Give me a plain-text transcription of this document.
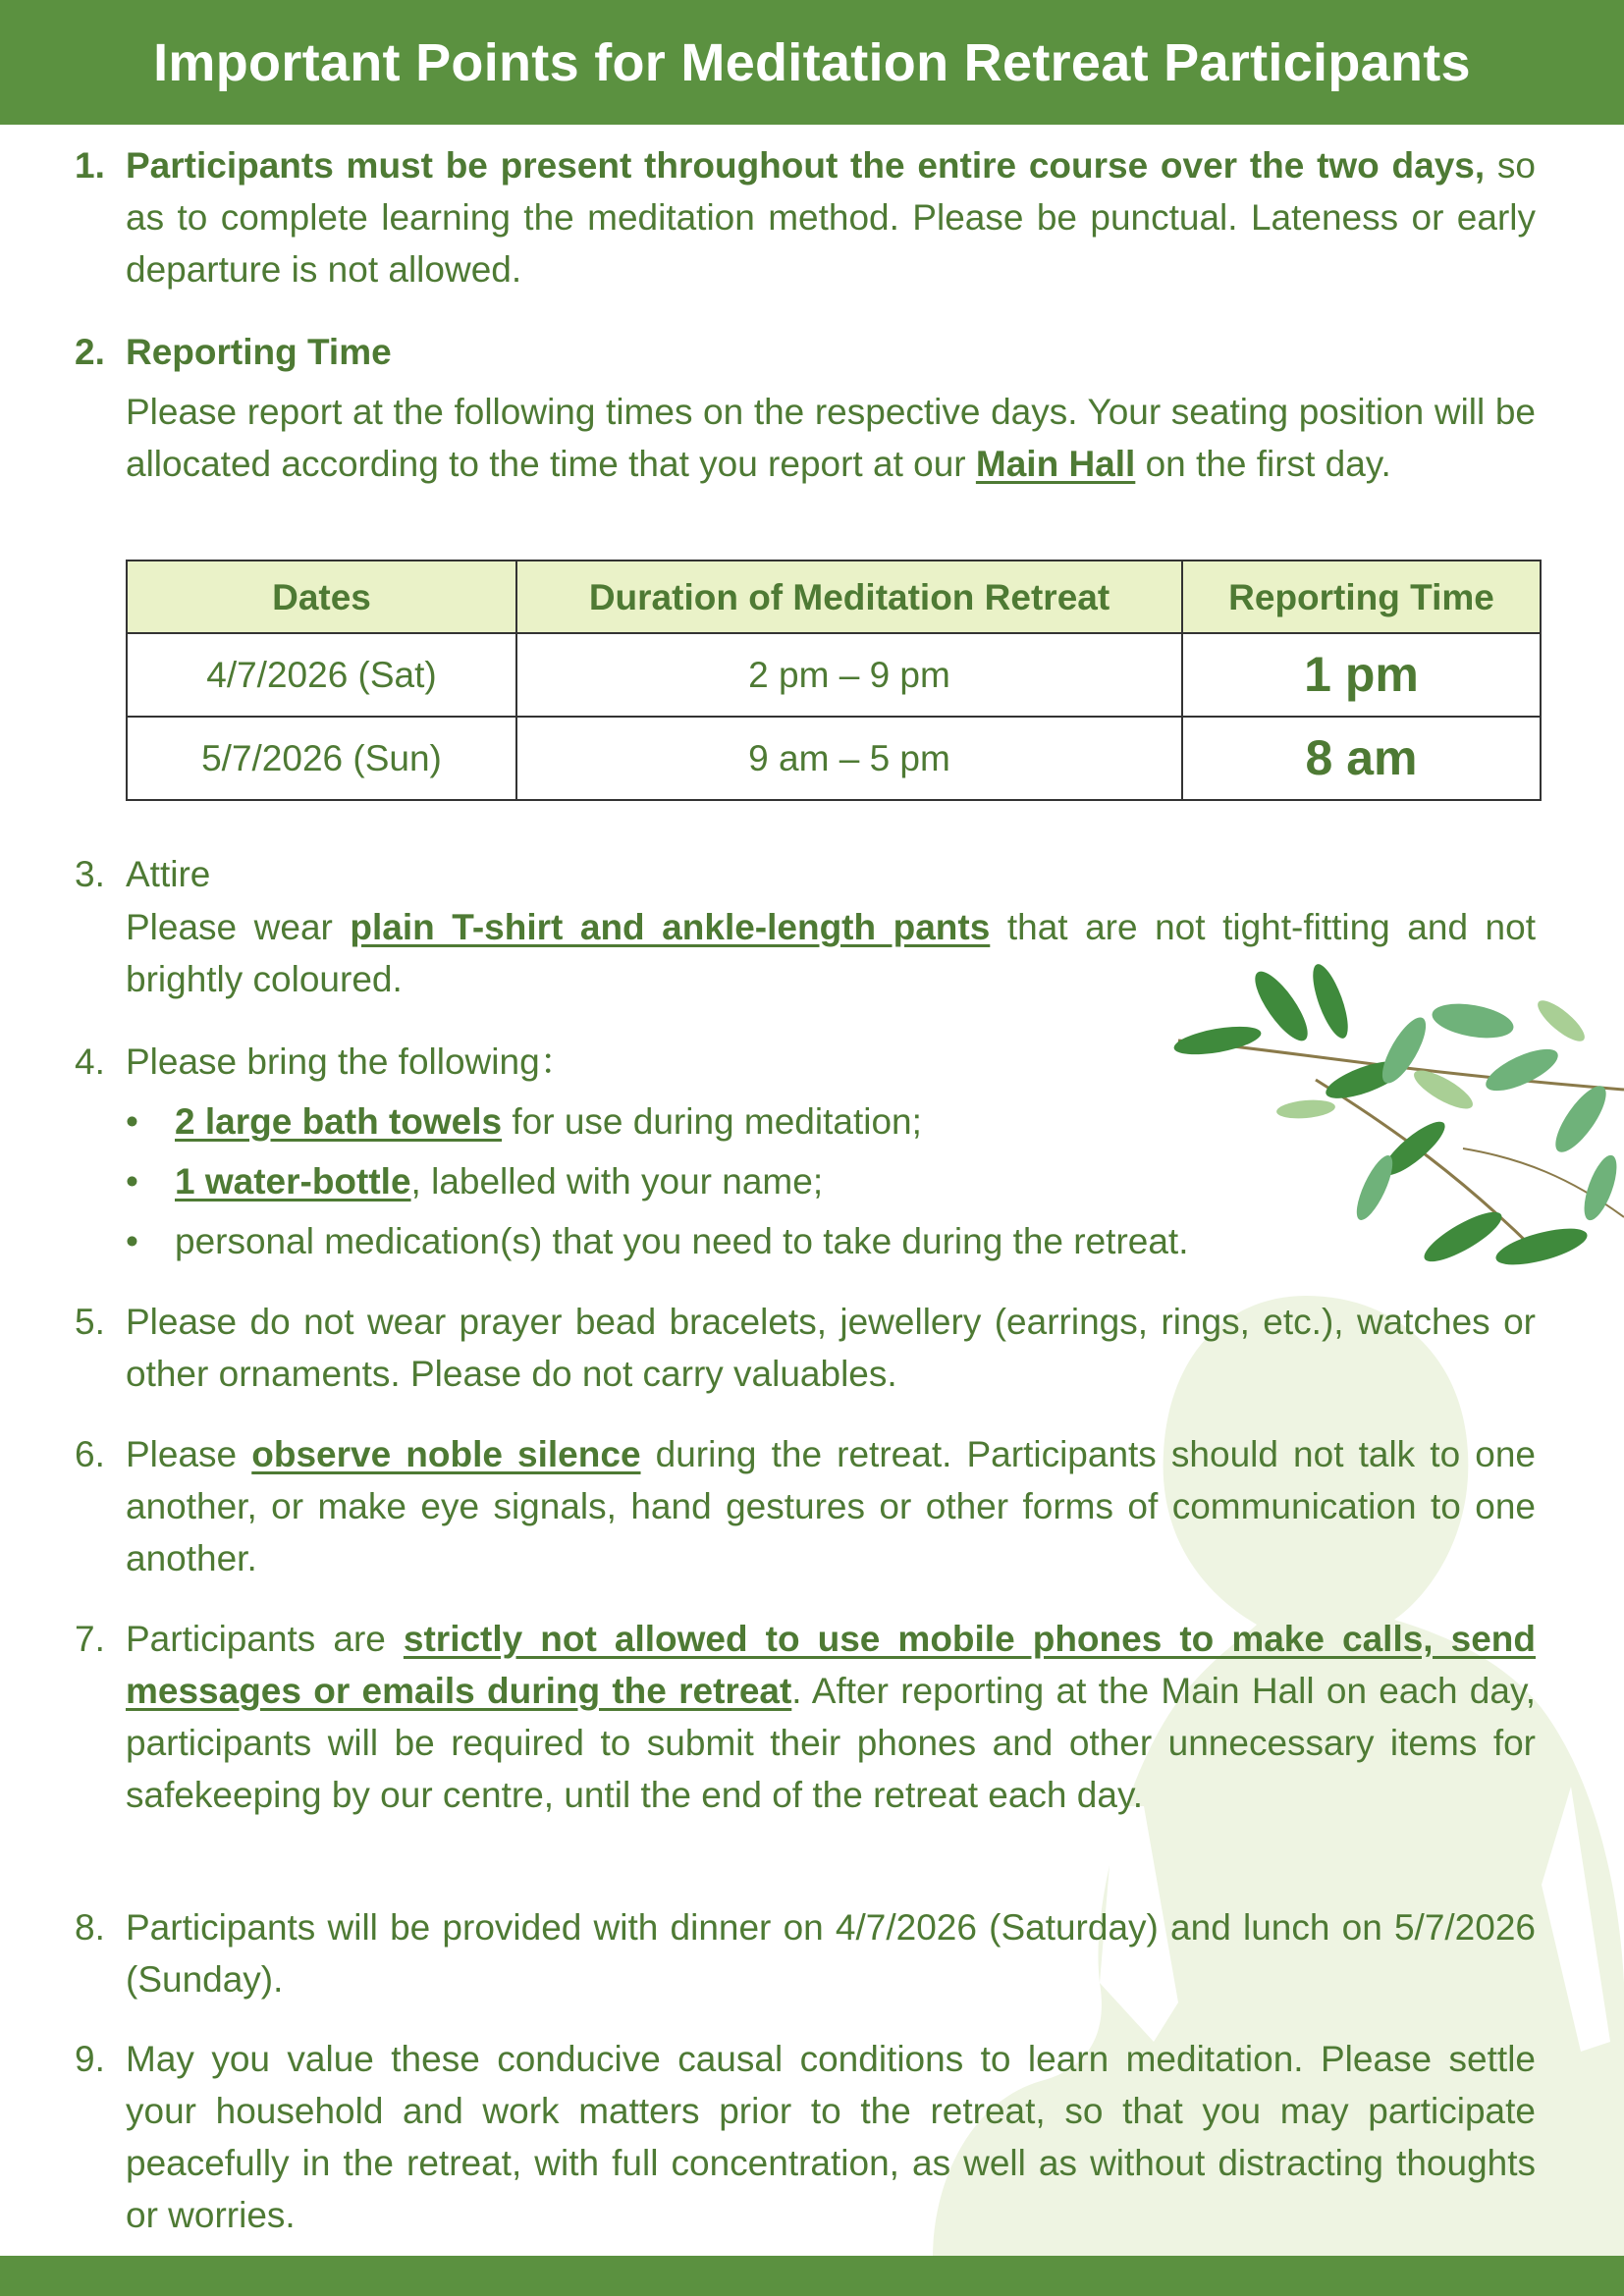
Important Points for Meditation Retreat Participants
1. Participants must be present throughout the entire course over the two days, so as to complete learning the meditation method. Please be punctual. Lateness or early departure is not allowed.
2. Reporting Time
Please report at the following times on the respective days. Your seating position will be allocated according to the time that you report at our Main Hall on the first day.
Dates	Duration of Meditation Retreat	Reporting Time
4/7/2026 (Sat)	2 pm – 9 pm	1 pm
5/7/2026 (Sun)	9 am – 5 pm	8 am
3. Attire
Please wear plain T-shirt and ankle-length pants that are not tight-fitting and not brightly coloured.
4. Please bring the following：
• 2 large bath towels for use during meditation;
• 1 water-bottle, labelled with your name;
• personal medication(s) that you need to take during the retreat.
5. Please do not wear prayer bead bracelets, jewellery (earrings, rings, etc.), watches or other ornaments. Please do not carry valuables.
6. Please observe noble silence during the retreat. Participants should not talk to one another, or make eye signals, hand gestures or other forms of communication to one another.
7. Participants are strictly not allowed to use mobile phones to make calls, send messages or emails during the retreat. After reporting at the Main Hall on each day, participants will be required to submit their phones and other unnecessary items for safekeeping by our centre, until the end of the retreat each day.
8. Participants will be provided with dinner on 4/7/2026 (Saturday) and lunch on 5/7/2026 (Sunday).
9. May you value these conducive causal conditions to learn meditation. Please settle your household and work matters prior to the retreat, so that you may participate peacefully in the retreat, with full concentration, as well as without distracting thoughts or worries.
